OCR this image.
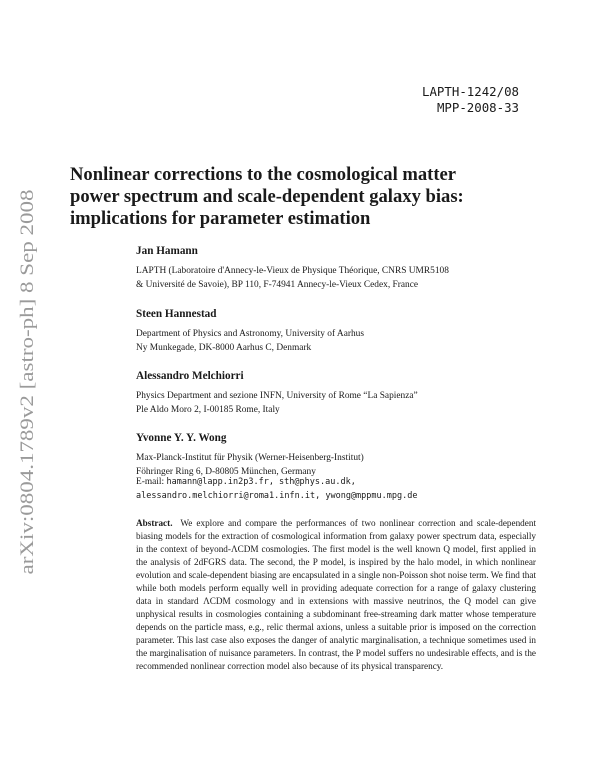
LAPTH-1242/08
MPP-2008-33
arXiv:0804.1789v2 [astro-ph] 8 Sep 2008
Nonlinear corrections to the cosmological matter
power spectrum and scale-dependent galaxy bias:
implications for parameter estimation

Jan Hamann

LAPTH (Laboratoire d'Annecy-le-Vieux de Physique Théorique, CNRS UMR5108

& Université de Savoie), BP 110, F-74941 Annecy-le-Vieux Cedex, France

Steen Hannestad

Department of Physics and Astronomy, University of Aarhus

Ny Munkegade, DK-8000 Aarhus C, Denmark

Alessandro Melchiorri

Physics Department and sezione INFN, University of Rome “La Sapienza”

Ple Aldo Moro 2, I-00185 Rome, Italy

Yvonne Y. Y. Wong

Max-Planck-Institut für Physik (Werner-Heisenberg-Institut)

Föhringer Ring 6, D-80805 München, Germany

E-mail: hamann@lapp.in2p3.fr, sth@phys.au.dk,
alessandro.melchiorri@roma1.infn.it, ywong@mppmu.mpg.de

Abstract. We explore and compare the performances of two nonlinear correction and scale-dependent biasing models for the extraction of cosmological information from galaxy power spectrum data, especially in the context of beyond-ΛCDM cosmologies. The first model is the well known Q model, first applied in the analysis of 2dFGRS data. The second, the P model, is inspired by the halo model, in which nonlinear evolution and scale-dependent biasing are encapsulated in a single non-Poisson shot noise term. We find that while both models perform equally well in providing adequate correction for a range of galaxy clustering data in standard ΛCDM cosmology and in extensions with massive neutrinos, the Q model can give unphysical results in cosmologies containing a subdominant free-streaming dark matter whose temperature depends on the particle mass, e.g., relic thermal axions, unless a suitable prior is imposed on the correction parameter. This last case also exposes the danger of analytic marginalisation, a technique sometimes used in the marginalisation of nuisance parameters. In contrast, the P model suffers no undesirable effects, and is the recommended nonlinear correction model also because of its physical transparency.
